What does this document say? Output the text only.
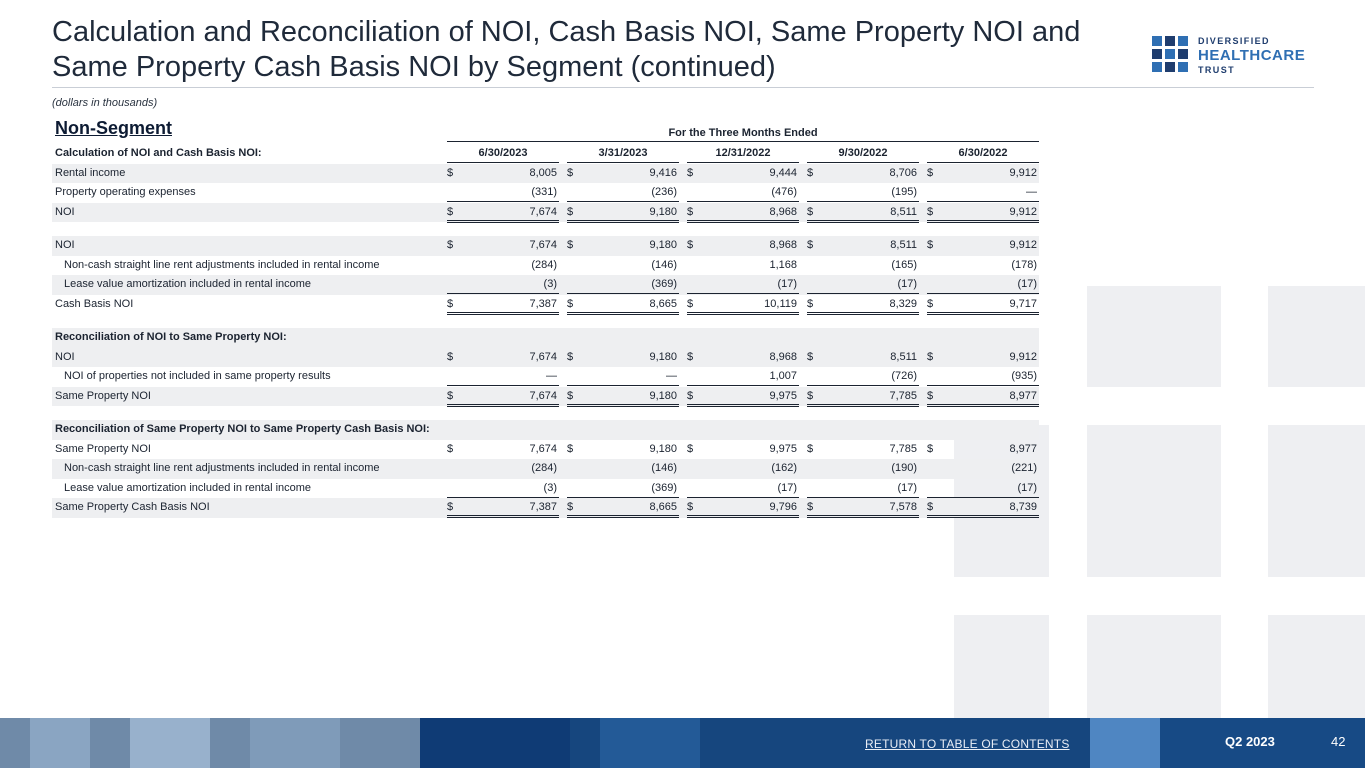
Calculation and Reconciliation of NOI, Cash Basis NOI, Same Property NOI and Same Property Cash Basis NOI by Segment (continued)
(dollars in thousands)
DIVERSIFIED
HEALTHCARE
TRUST
Non-Segment	For the Three Months Ended
Calculation of NOI and Cash Basis NOI:	6/30/2023	3/31/2023	12/31/2022	9/30/2022	6/30/2022
Rental income	$	8,005 $	9,416 $	9,444 $	8,706 $	9,912
Property operating expenses	(331)	(236)	(476)	(195)	—
NOI	$	7,674 $	9,180 $	8,968 $	8,511 $	9,912
NOI	$	7,674 $	9,180 $	8,968 $	8,511 $	9,912
Non-cash straight line rent adjustments included in rental income	(284)	(146)	1,168	(165)	(178)
Lease value amortization included in rental income	(3)	(369)	(17)	(17)	(17)
Cash Basis NOI	$	7,387 $	8,665 $	10,119 $	8,329 $	9,717
Reconciliation of NOI to Same Property NOI:
NOI	$	7,674 $	9,180 $	8,968 $	8,511 $	9,912
NOI of properties not included in same property results	—	—	1,007	(726)	(935)
Same Property NOI	$	7,674 $	9,180 $	9,975 $	7,785 $	8,977
Reconciliation of Same Property NOI to Same Property Cash Basis NOI:
Same Property NOI	$	7,674 $	9,180 $	9,975 $	7,785 $	8,977
Non-cash straight line rent adjustments included in rental income	(284)	(146)	(162)	(190)	(221)
Lease value amortization included in rental income	(3)	(369)	(17)	(17)	(17)
Same Property Cash Basis NOI	$	7,387 $	8,665 $	9,796 $	7,578 $	8,739
RETURN TO TABLE OF CONTENTS	Q2 2023	42
